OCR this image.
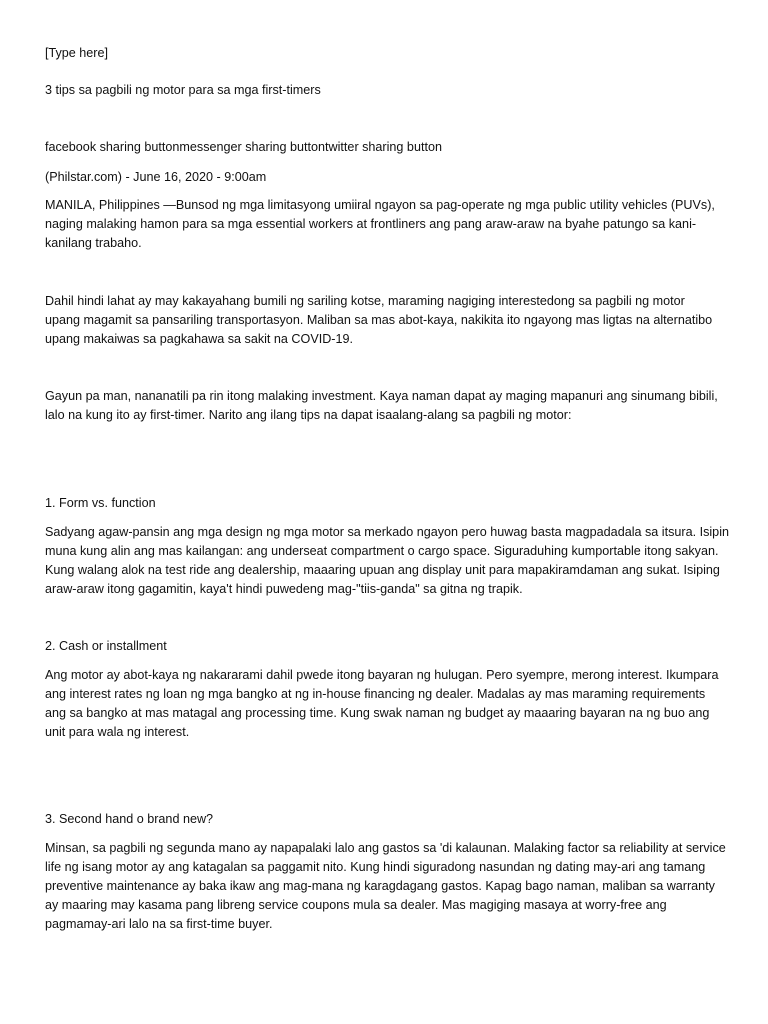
[Type here]

3 tips sa pagbili ng motor para sa mga first-timers

facebook sharing buttonmessenger sharing buttontwitter sharing button

(Philstar.com) - June 16, 2020 - 9:00am

MANILA, Philippines —Bunsod ng mga limitasyong umiiral ngayon sa pag-operate ng mga public utility vehicles (PUVs),
naging malaking hamon para sa mga essential workers at frontliners ang pang araw-araw na byahe patungo sa kani-
kanilang trabaho.
Dahil hindi lahat ay may kakayahang bumili ng sariling kotse, maraming nagiging interestedong sa pagbili ng motor
upang magamit sa pansariling transportasyon. Maliban sa mas abot-kaya, nakikita ito ngayong mas ligtas na alternatibo
upang makaiwas sa pagkahawa sa sakit na COVID-19.
Gayun pa man, nananatili pa rin itong malaking investment. Kaya naman dapat ay maging mapanuri ang sinumang bibili,
lalo na kung ito ay first-timer. Narito ang ilang tips na dapat isaalang-alang sa pagbili ng motor:

1. Form vs. function

Sadyang agaw-pansin ang mga design ng mga motor sa merkado ngayon pero huwag basta magpadadala sa itsura. Isipin
muna kung alin ang mas kailangan: ang underseat compartment o cargo space. Siguraduhing kumportable itong sakyan.
Kung walang alok na test ride ang dealership, maaaring upuan ang display unit para mapakiramdaman ang sukat. Isiping
araw-araw itong gagamitin, kaya't hindi puwedeng mag-"tiis-ganda" sa gitna ng trapik.

2. Cash or installment

Ang motor ay abot-kaya ng nakararami dahil pwede itong bayaran ng hulugan. Pero syempre, merong interest. Ikumpara
ang interest rates ng loan ng mga bangko at ng in-house financing ng dealer. Madalas ay mas maraming requirements
ang sa bangko at mas matagal ang processing time. Kung swak naman ng budget ay maaaring bayaran na ng buo ang
unit para wala ng interest.

3. Second hand o brand new?

Minsan, sa pagbili ng segunda mano ay napapalaki lalo ang gastos sa 'di kalaunan. Malaking factor sa reliability at service
life ng isang motor ay ang katagalan sa paggamit nito. Kung hindi siguradong nasundan ng dating may-ari ang tamang
preventive maintenance ay baka ikaw ang mag-mana ng karagdagang gastos. Kapag bago naman, maliban sa warranty
ay maaring may kasama pang libreng service coupons mula sa dealer. Mas magiging masaya at worry-free ang
pagmamay-ari lalo na sa first-time buyer.
